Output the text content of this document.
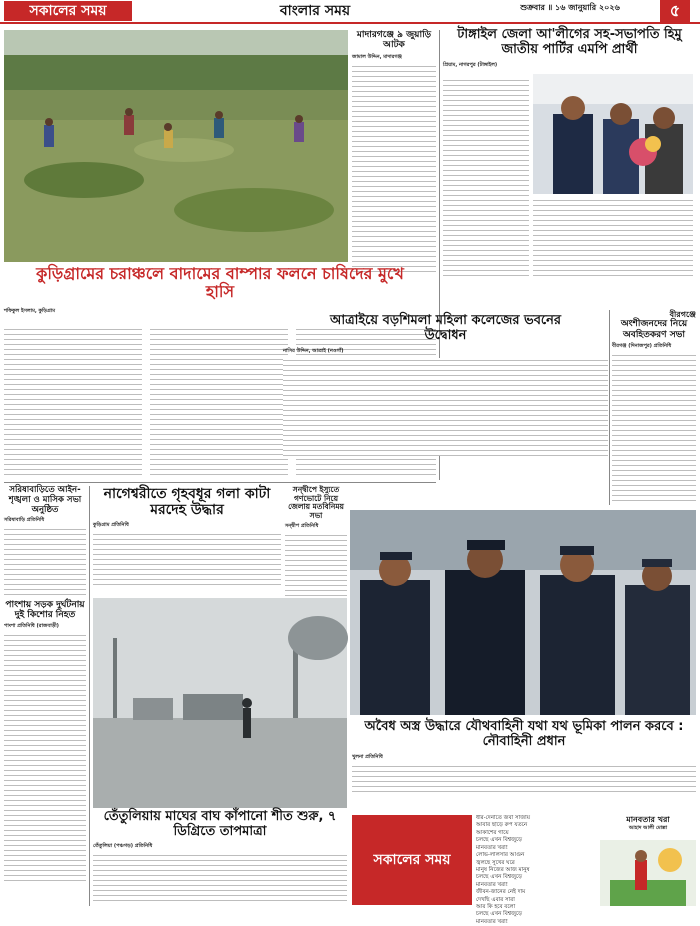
সকালের সময়	বাংলার সময়	শুক্রবার ॥ ১৬ জানুয়ারি ২০২৬	৫
মাদারগঞ্জে ৯ জুয়াড়ি আটক
জামাল উদ্দিন, মাদারগঞ্জ
টাঙ্গাইল জেলা আ'লীগের সহ-সভাপতি হিমু জাতীয় পার্টির এমপি প্রার্থী
প্রিয়াম, নাগরপুর (টাঙ্গাইল)
কুড়িগ্রামের চরাঞ্চলে বাদামের বাম্পার ফলনে চাষিদের মুখে হাসি
শফিকুল ইসলাম, কুড়িগ্রাম
আত্রাইয়ে বড়শিমলা মহিলা কলেজের ভবনের উদ্বোধন
নাসির উদ্দিন, আত্রাই (নওগাঁ)
বীরগঞ্জে
অংশীজনদের নিয়ে অবহিতকরণ সভা
বীরগঞ্জ (দিনাজপুর) প্রতিনিধি
সরিষাবাড়িতে আইন-শৃঙ্খলা ও মাসিক সভা অনুষ্ঠিত
সরিষাবাড়ি প্রতিনিধি
নাগেশ্বরীতে গৃহবধূর গলা কাটা মরদেহ উদ্ধার
কুড়িগ্রাম প্রতিনিধি
সন্দ্বীপে ইস্যুতে গণভোটে নিয়ে জেলায় মতবিনিময় সভা
সন্দ্বীপ প্রতিনিধি
পাংশায় সড়ক দুর্ঘটনায় দুই কিশোর নিহত
পাংশা প্রতিনিধি (রাজবাড়ী)
তেঁতুলিয়ায় মাঘের বাঘ কাঁপানো শীত শুরু, ৭ ডিগ্রিতে তাপমাত্রা
তেঁতুলিয়া (পঞ্চগড়) প্রতিনিধি
অবৈধ অস্ত্র উদ্ধারে যৌথবাহিনী যথা যথ ভূমিকা পালন করবে : নৌবাহিনী প্রধান
খুলনা প্রতিনিধি
সকালের সময়
ধার-দেনাতে জবা সাজায়
আবার ছাড়ে রুপ যতনে
আকাশের গায়ে
চলছে এখন বিশ্বজুড়ে
মানবতার খরা!
লোভ-লালসার আগুন
জ্বলছে সুখের ঘরে
মানুষ নিজের আজ মানুষ
চলছে এখন বিশ্বজুড়ে
মানবতার খরা!
জীবন-জানের নেই দাম
দেখছি এবার সারা
আর কি হবে বলো
চলছে এখন বিশ্বজুড়ে
মানবতার খরা!
মানবতার খরা
আহাদ আলী মোল্লা
